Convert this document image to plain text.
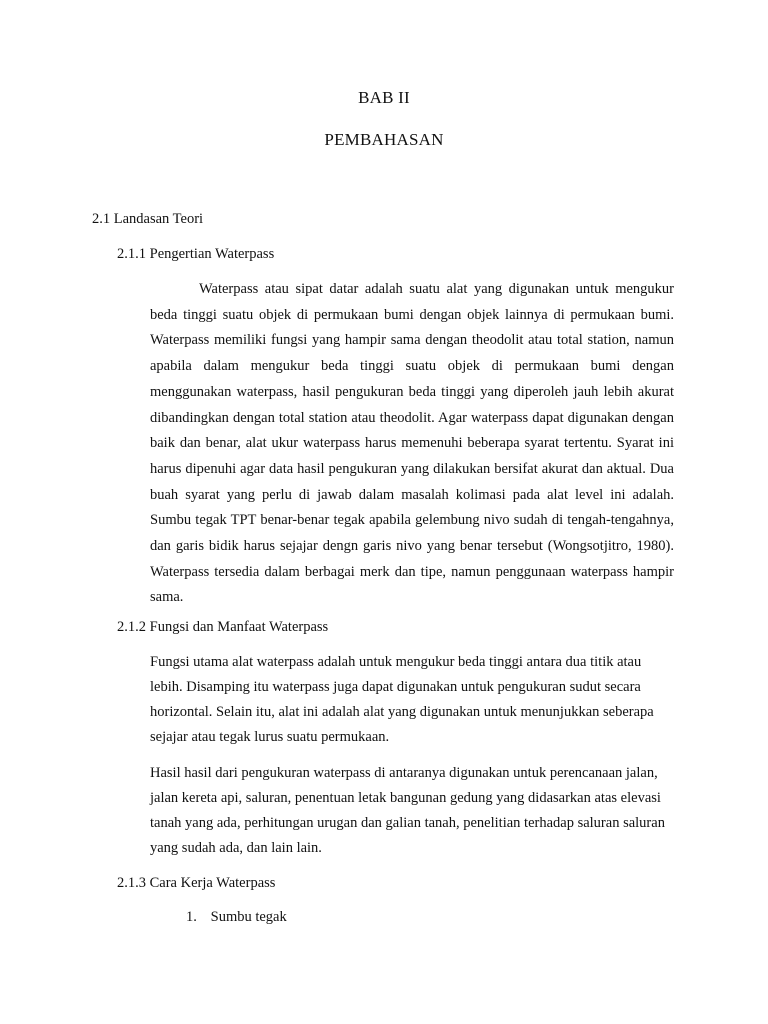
BAB II
PEMBAHASAN
2.1 Landasan Teori
2.1.1 Pengertian Waterpass
Waterpass atau sipat datar adalah suatu alat yang digunakan untuk mengukur beda tinggi suatu objek di permukaan bumi dengan objek lainnya di permukaan bumi. Waterpass memiliki fungsi yang hampir sama dengan theodolit atau total station, namun apabila dalam mengukur beda tinggi suatu objek di permukaan bumi dengan menggunakan waterpass, hasil pengukuran beda tinggi yang diperoleh jauh lebih akurat dibandingkan dengan total station atau theodolit. Agar waterpass dapat digunakan dengan baik dan benar, alat ukur waterpass harus memenuhi beberapa syarat tertentu. Syarat ini harus dipenuhi agar data hasil pengukuran yang dilakukan bersifat akurat dan aktual. Dua buah syarat yang perlu di jawab dalam masalah kolimasi pada alat level ini adalah. Sumbu tegak TPT benar-benar tegak apabila gelembung nivo sudah di tengah-tengahnya, dan garis bidik harus sejajar dengn garis nivo yang benar tersebut (Wongsotjitro, 1980). Waterpass tersedia dalam berbagai merk dan tipe, namun penggunaan waterpass hampir sama.
2.1.2 Fungsi dan Manfaat Waterpass
Fungsi utama alat waterpass adalah untuk mengukur beda tinggi antara dua titik atau lebih. Disamping itu waterpass juga dapat digunakan untuk pengukuran sudut secara horizontal. Selain itu, alat ini adalah alat yang digunakan untuk menunjukkan seberapa sejajar atau tegak lurus suatu permukaan.
Hasil hasil dari pengukuran waterpass di antaranya digunakan untuk perencanaan jalan, jalan kereta api, saluran, penentuan letak bangunan gedung yang didasarkan atas elevasi tanah yang ada, perhitungan urugan dan galian tanah, penelitian terhadap saluran saluran yang sudah ada, dan lain lain.
2.1.3 Cara Kerja Waterpass
1. Sumbu tegak
